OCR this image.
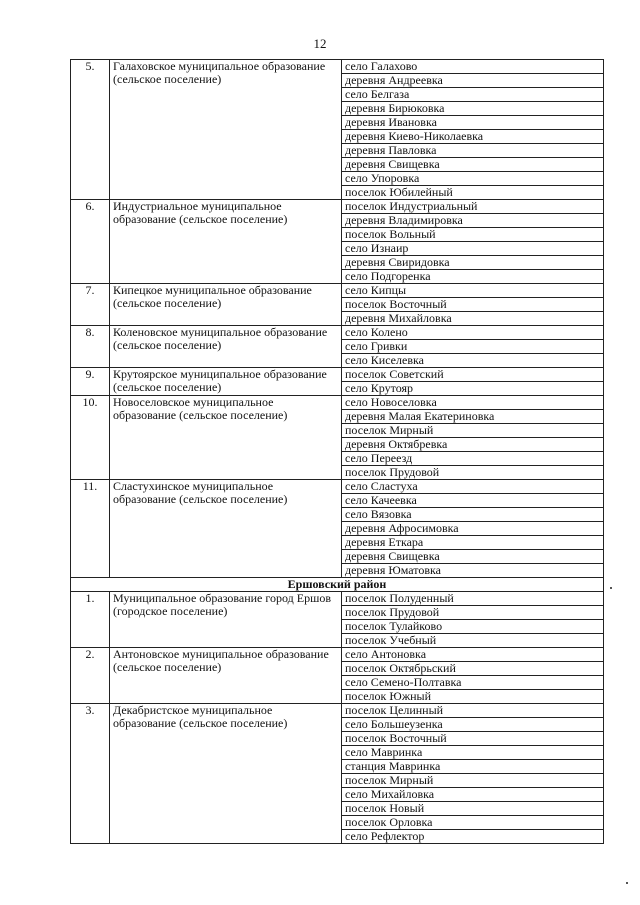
12
5.	Галаховское муниципальное образование (сельское поселение)	село Галахово
		деревня Андреевка
		село Белгаза
		деревня Бирюковка
		деревня Ивановка
		деревня Киево-Николаевка
		деревня Павловка
		деревня Свищевка
		село Упоровка
		поселок Юбилейный
6.	Индустриальное муниципальное образование (сельское поселение)	поселок Индустриальный
		деревня Владимировка
		поселок Вольный
		село Изнаир
		деревня Свиридовка
		село Подгоренка
7.	Кипецкое муниципальное образование (сельское поселение)	село Кипцы
		поселок Восточный
		деревня Михайловка
8.	Коленовское муниципальное образование (сельское поселение)	село Колено
		село Гривки
		село Киселевка
9.	Крутоярское муниципальное образование (сельское поселение)	поселок Советский
		село Крутояр
10.	Новоселовское муниципальное образование (сельское поселение)	село Новоселовка
		деревня Малая Екатериновка
		поселок Мирный
		деревня Октябревка
		село Переезд
		поселок Прудовой
11.	Сластухинское муниципальное образование (сельское поселение)	село Сластуха
		село Качеевка
		село Вязовка
		деревня Афросимовка
		деревня Еткара
		деревня Свищевка
		деревня Юматовка
Ершовский район		
1.	Муниципальное образование город Ершов (городское поселение)	поселок Полуденный
		поселок Прудовой
		поселок Тулайково
		поселок Учебный
2.	Антоновское муниципальное образование (сельское поселение)	село Антоновка
		поселок Октябрьский
		село Семено-Полтавка
		поселок Южный
3.	Декабристское муниципальное образование (сельское поселение)	поселок Целинный
		село Большеузенка
		поселок Восточный
		село Мавринка
		станция Мавринка
		поселок Мирный
		село Михайловка
		поселок Новый
		поселок Орловка
		село Рефлектор
